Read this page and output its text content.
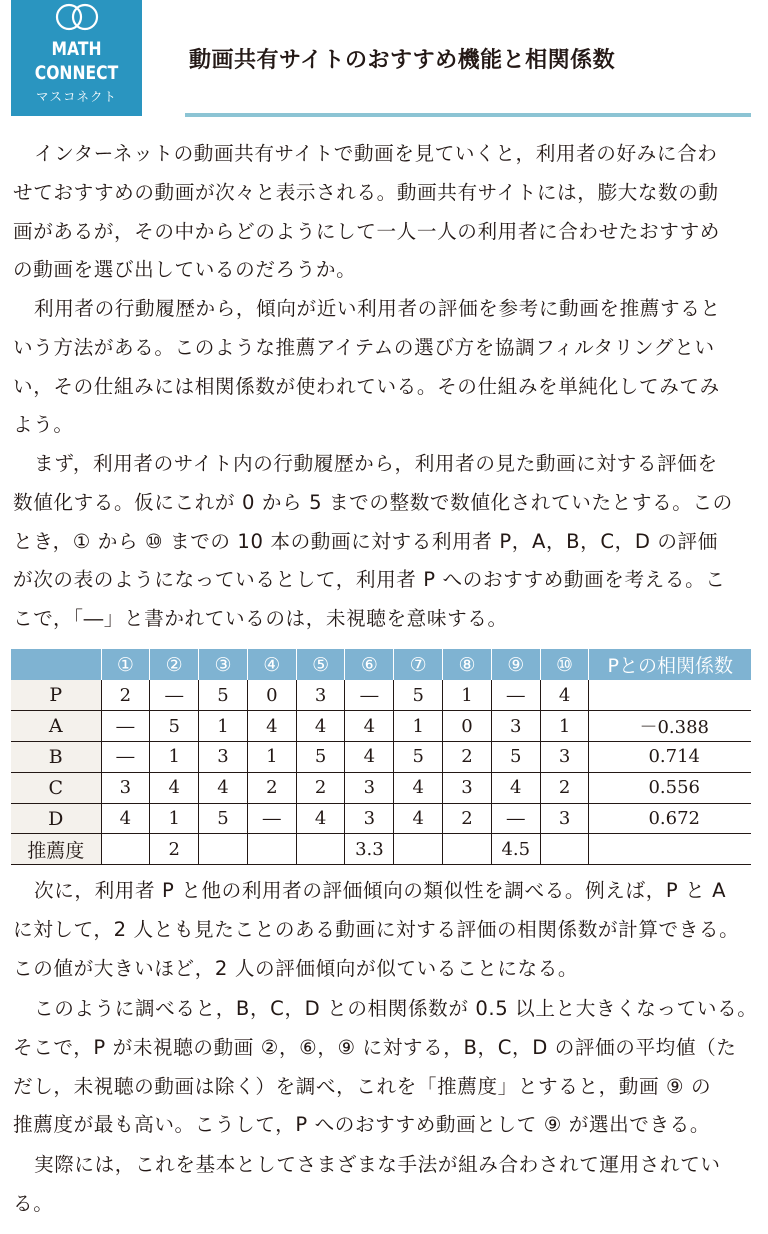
MATH
CONNECT
マスコネクト
動画共有サイトのおすすめ機能と相関係数
インターネットの動画共有サイトで動画を見ていくと，利用者の好みに合わ
せておすすめの動画が次々と表示される。動画共有サイトには，膨大な数の動
画があるが，その中からどのようにして一人一人の利用者に合わせたおすすめ
の動画を選び出しているのだろうか。
利用者の行動履歴から，傾向が近い利用者の評価を参考に動画を推薦すると
いう方法がある。このような推薦アイテムの選び方を協調フィルタリングとい
い，その仕組みには相関係数が使われている。その仕組みを単純化してみてみ
よう。
まず，利用者のサイト内の行動履歴から，利用者の見た動画に対する評価を
数値化する。仮にこれが 0 から 5 までの整数で数値化されていたとする。この
とき，① から ⑩ までの 10 本の動画に対する利用者 P，A，B，C，D の評価
が次の表のようになっているとして，利用者 P へのおすすめ動画を考える。こ
こで，「―」と書かれているのは，未視聴を意味する。
	①	②	③	④	⑤	⑥	⑦	⑧	⑨	⑩	Pとの相関係数
P	2	―	5	0	3	―	5	1	―	4	
A	―	5	1	4	4	4	1	0	3	1	－0.388
B	―	1	3	1	5	4	5	2	5	3	0.714
C	3	4	4	2	2	3	4	3	4	2	0.556
D	4	1	5	―	4	3	4	2	―	3	0.672
推薦度		2				3.3			4.5		
次に，利用者 P と他の利用者の評価傾向の類似性を調べる。例えば，P と A
に対して，2 人とも見たことのある動画に対する評価の相関係数が計算できる。
この値が大きいほど，2 人の評価傾向が似ていることになる。
このように調べると，B，C，D との相関係数が 0.5 以上と大きくなっている。
そこで，P が未視聴の動画 ②，⑥，⑨ に対する，B，C，D の評価の平均値（た
だし，未視聴の動画は除く）を調べ，これを「推薦度」とすると，動画 ⑨ の
推薦度が最も高い。こうして，P へのおすすめ動画として ⑨ が選出できる。
実際には，これを基本としてさまざまな手法が組み合わされて運用されてい
る。
